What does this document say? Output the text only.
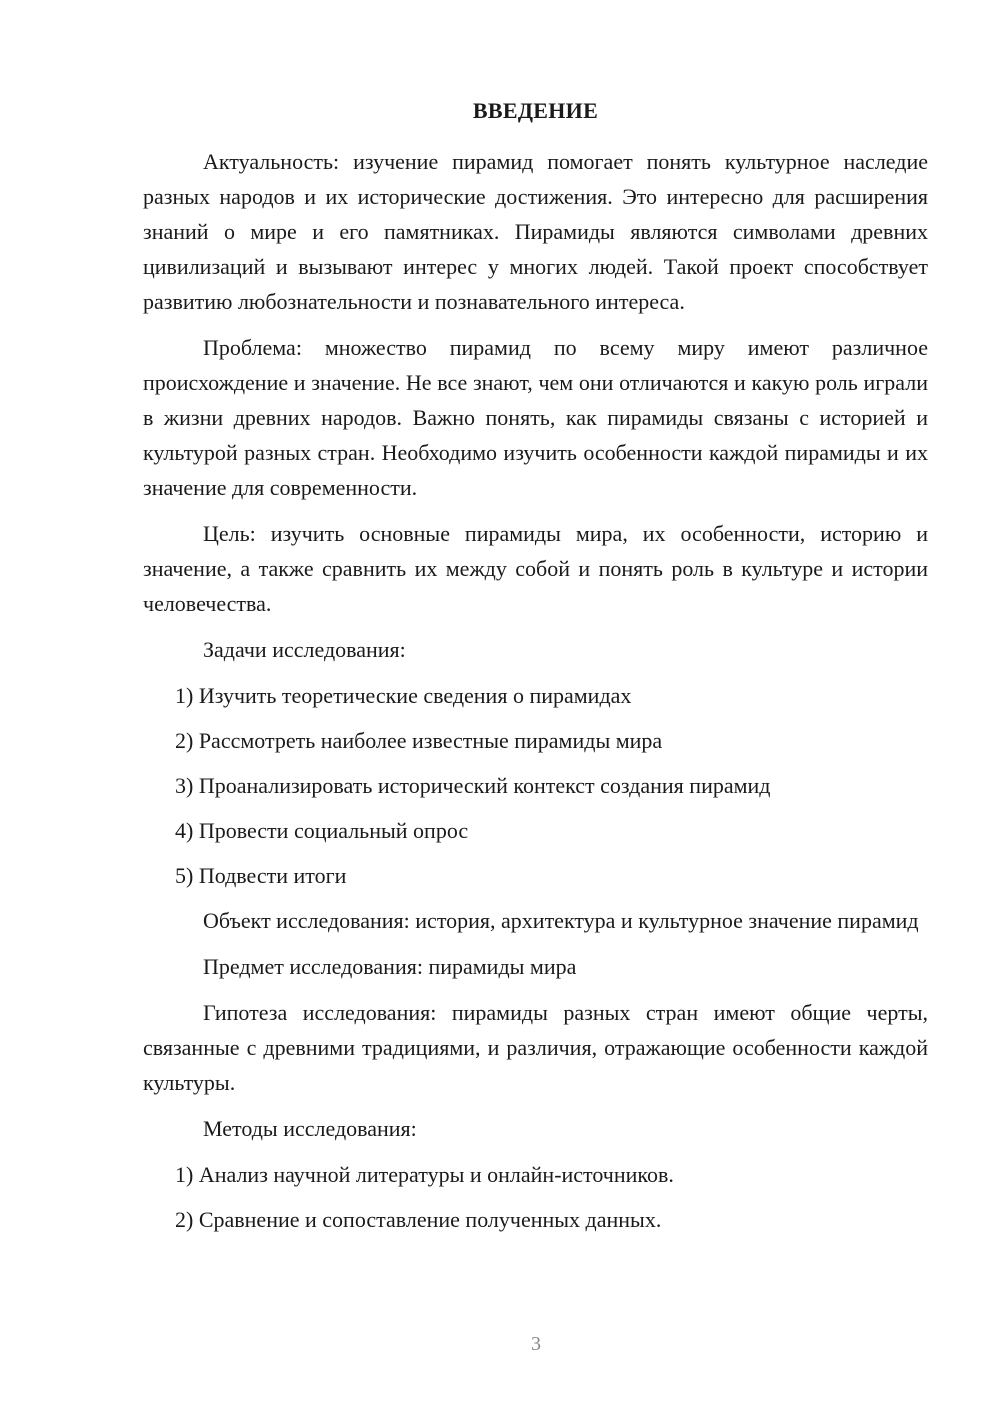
ВВЕДЕНИЕ

Актуальность: изучение пирамид помогает понять культурное наследие разных народов и их исторические достижения. Это интересно для расширения знаний о мире и его памятниках. Пирамиды являются символами древних цивилизаций и вызывают интерес у многих людей. Такой проект способствует развитию любознательности и познавательного интереса.

Проблема: множество пирамид по всему миру имеют различное происхождение и значение. Не все знают, чем они отличаются и какую роль играли в жизни древних народов. Важно понять, как пирамиды связаны с историей и культурой разных стран. Необходимо изучить особенности каждой пирамиды и их значение для современности.

Цель: изучить основные пирамиды мира, их особенности, историю и значение, а также сравнить их между собой и понять роль в культуре и истории человечества.

Задачи исследования:

1) Изучить теоретические сведения о пирамидах
2) Рассмотреть наиболее известные пирамиды мира
3) Проанализировать исторический контекст создания пирамид
4) Провести социальный опрос
5) Подвести итоги

Объект исследования: история, архитектура и культурное значение пирамид

Предмет исследования: пирамиды мира

Гипотеза исследования: пирамиды разных стран имеют общие черты, связанные с древними традициями, и различия, отражающие особенности каждой культуры.

Методы исследования:

1) Анализ научной литературы и онлайн-источников.
2) Сравнение и сопоставление полученных данных.
3
